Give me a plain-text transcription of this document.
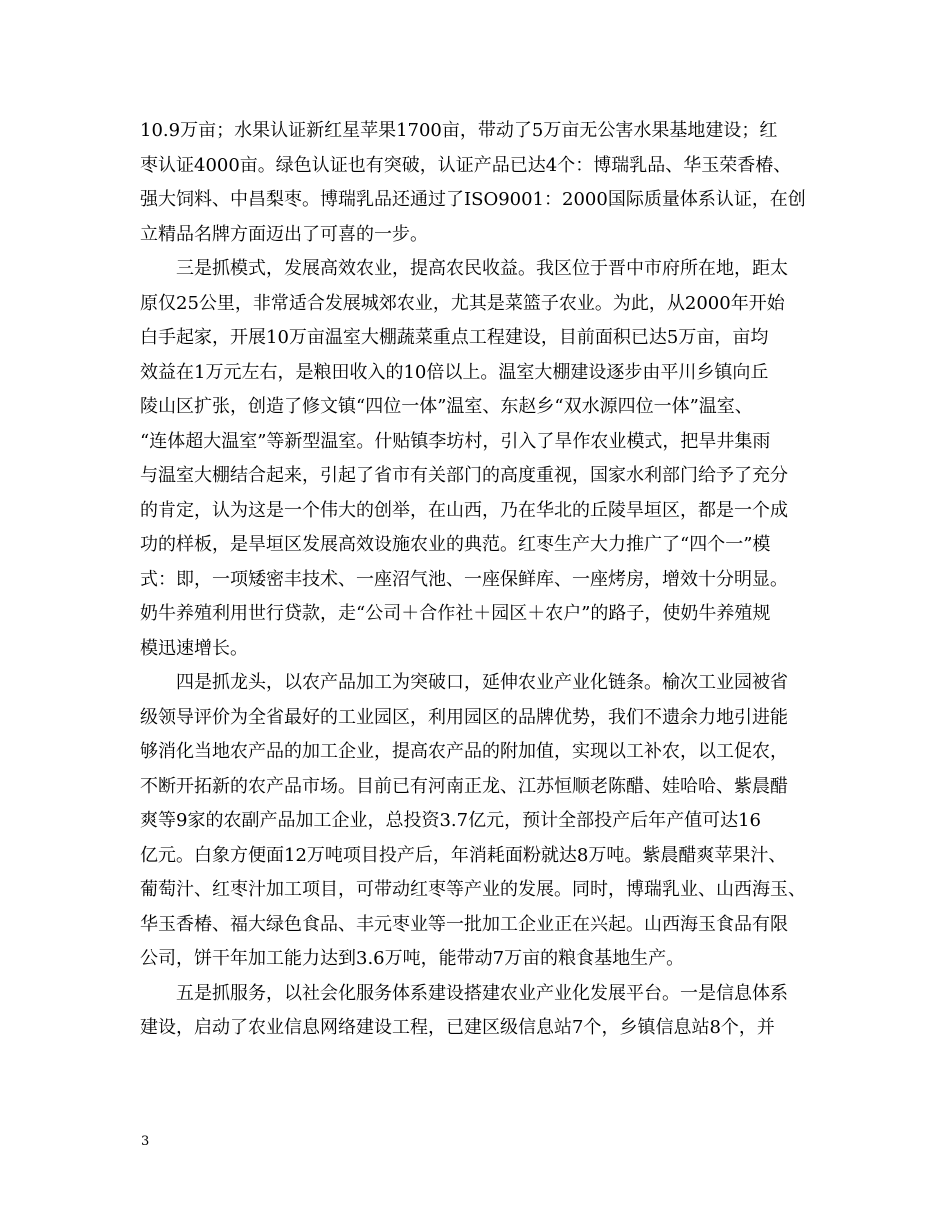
10.9万亩；水果认证新红星苹果1700亩，带动了5万亩无公害水果基地建设；红
枣认证4000亩。绿色认证也有突破，认证产品已达4个：博瑞乳品、华玉荣香椿、
强大饲料、中昌梨枣。博瑞乳品还通过了ISO9001：2000国际质量体系认证，在创
立精品名牌方面迈出了可喜的一步。
三是抓模式，发展高效农业，提高农民收益。我区位于晋中市府所在地，距太
原仅25公里，非常适合发展城郊农业，尤其是菜篮子农业。为此，从2000年开始
白手起家，开展10万亩温室大棚蔬菜重点工程建设，目前面积已达5万亩，亩均
效益在1万元左右，是粮田收入的10倍以上。温室大棚建设逐步由平川乡镇向丘
陵山区扩张，创造了修文镇“四位一体”温室、东赵乡“双水源四位一体”温室、
“连体超大温室”等新型温室。什贴镇李坊村，引入了旱作农业模式，把旱井集雨
与温室大棚结合起来，引起了省市有关部门的高度重视，国家水利部门给予了充分
的肯定，认为这是一个伟大的创举，在山西，乃在华北的丘陵旱垣区，都是一个成
功的样板，是旱垣区发展高效设施农业的典范。红枣生产大力推广了“四个一”模
式：即，一项矮密丰技术、一座沼气池、一座保鲜库、一座烤房，增效十分明显。
奶牛养殖利用世行贷款，走“公司＋合作社＋园区＋农户”的路子，使奶牛养殖规
模迅速增长。
四是抓龙头，以农产品加工为突破口，延伸农业产业化链条。榆次工业园被省
级领导评价为全省最好的工业园区，利用园区的品牌优势，我们不遗余力地引进能
够消化当地农产品的加工企业，提高农产品的附加值，实现以工补农，以工促农，
不断开拓新的农产品市场。目前已有河南正龙、江苏恒顺老陈醋、娃哈哈、紫晨醋
爽等9家的农副产品加工企业，总投资3.7亿元，预计全部投产后年产值可达16
亿元。白象方便面12万吨项目投产后，年消耗面粉就达8万吨。紫晨醋爽苹果汁、
葡萄汁、红枣汁加工项目，可带动红枣等产业的发展。同时，博瑞乳业、山西海玉、
华玉香椿、福大绿色食品、丰元枣业等一批加工企业正在兴起。山西海玉食品有限
公司，饼干年加工能力达到3.6万吨，能带动7万亩的粮食基地生产。
五是抓服务，以社会化服务体系建设搭建农业产业化发展平台。一是信息体系
建设，启动了农业信息网络建设工程，已建区级信息站7个，乡镇信息站8个，并
3
